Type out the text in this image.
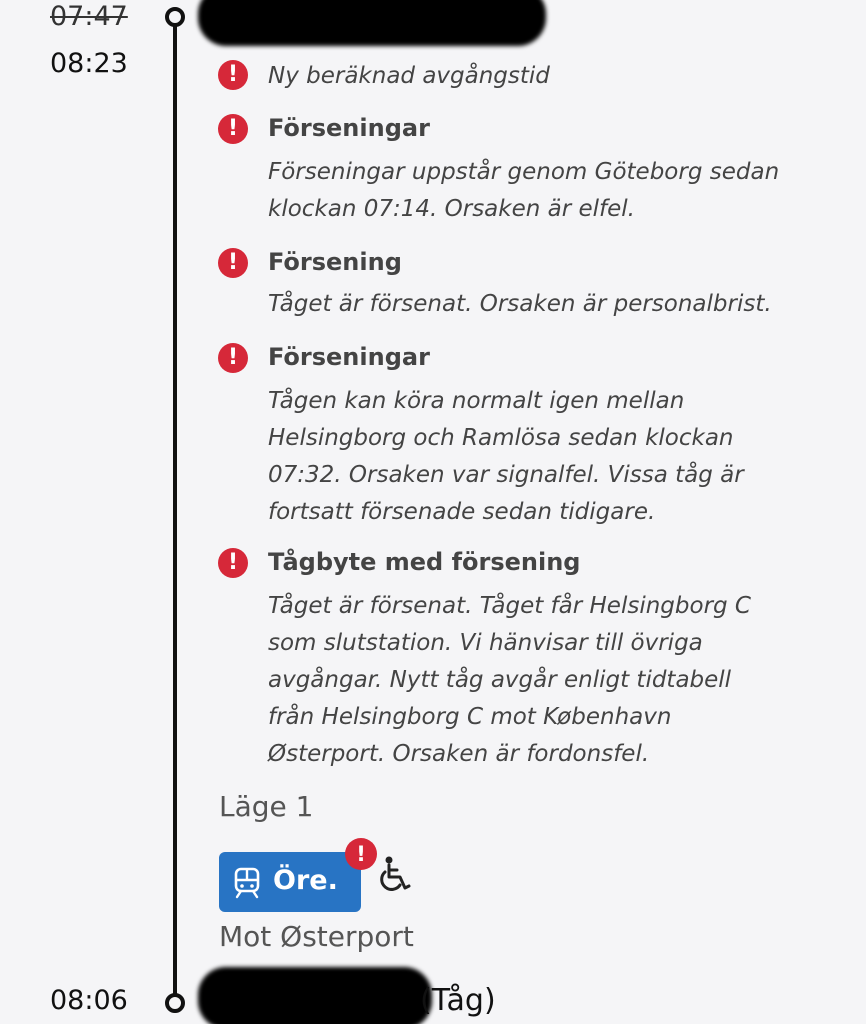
07:47
08:23	!	Ny beräknad avgångstid
!	Förseningar
Förseningar uppstår genom Göteborg sedan
klockan 07:14. Orsaken är elfel.
!	Försening
Tåget är försenat. Orsaken är personalbrist.
!	Förseningar
Tågen kan köra normalt igen mellan
Helsingborg och Ramlösa sedan klockan
07:32. Orsaken var signalfel. Vissa tåg är
fortsatt försenade sedan tidigare.
!	Tågbyte med försening
Tåget är försenat. Tåget får Helsingborg C
som slutstation. Vi hänvisar till övriga
avgångar. Nytt tåg avgår enligt tidtabell
från Helsingborg C mot København
Østerport. Orsaken är fordonsfel.
Läge 1
Öre.
!
Mot Østerport
08:06	(Tåg)
